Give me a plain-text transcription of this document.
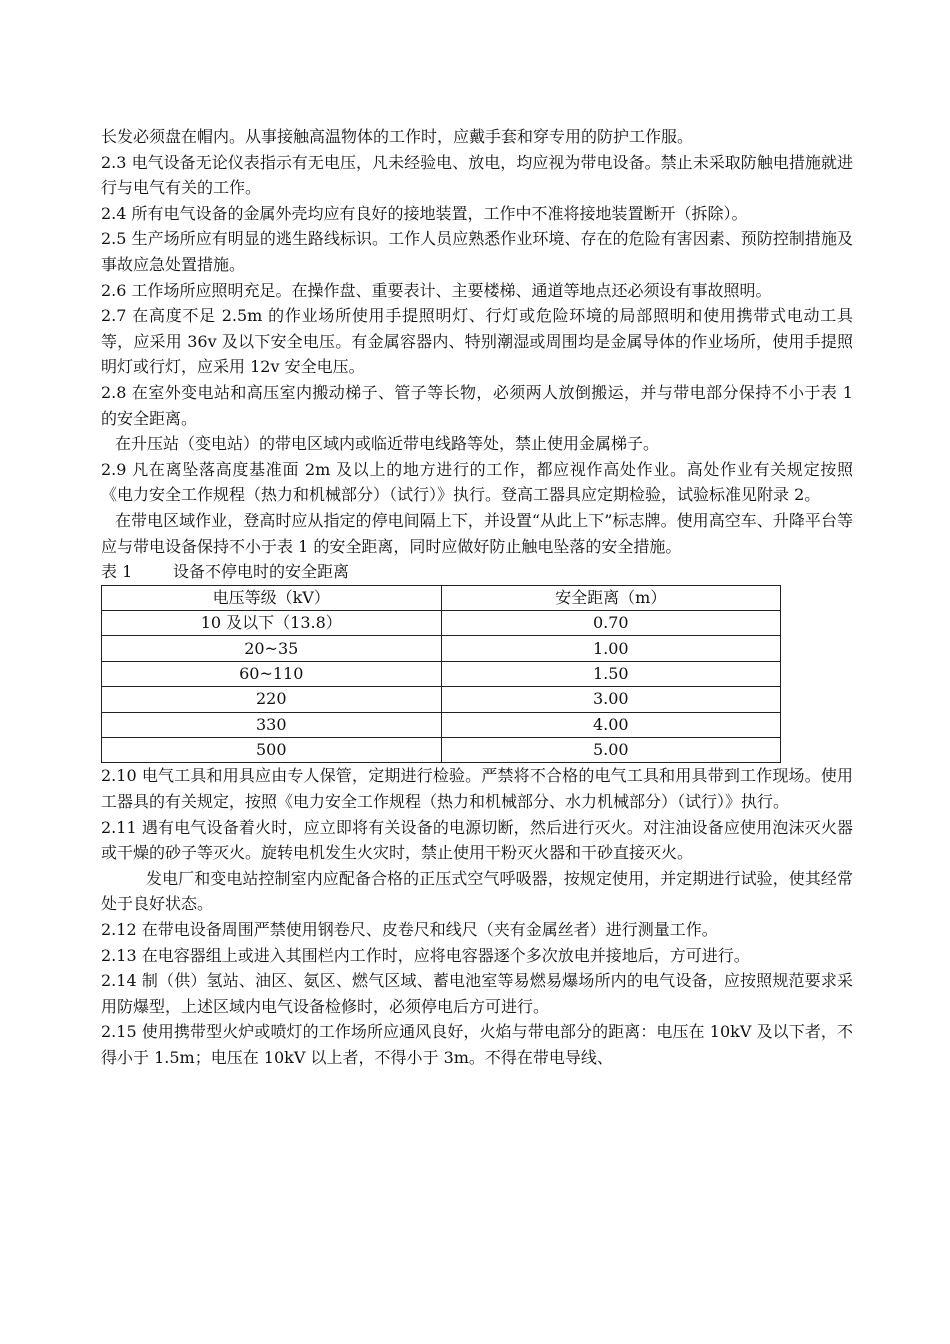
长发必须盘在帽内。从事接触高温物体的工作时，应戴手套和穿专用的防护工作服。

2.3 电气设备无论仪表指示有无电压，凡未经验电、放电，均应视为带电设备。禁止未采取防触电措施就进行与电气有关的工作。

2.4 所有电气设备的金属外壳均应有良好的接地装置，工作中不准将接地装置断开（拆除）。

2.5 生产场所应有明显的逃生路线标识。工作人员应熟悉作业环境、存在的危险有害因素、预防控制措施及事故应急处置措施。

2.6 工作场所应照明充足。在操作盘、重要表计、主要楼梯、通道等地点还必须设有事故照明。

2.7 在高度不足 2.5m 的作业场所使用手提照明灯、行灯或危险环境的局部照明和使用携带式电动工具等，应采用 36v 及以下安全电压。有金属容器内、特别潮湿或周围均是金属导体的作业场所，使用手提照明灯或行灯，应采用 12v 安全电压。

2.8 在室外变电站和高压室内搬动梯子、管子等长物，必须两人放倒搬运，并与带电部分保持不小于表 1 的安全距离。

在升压站（变电站）的带电区域内或临近带电线路等处，禁止使用金属梯子。

2.9 凡在离坠落高度基准面 2m 及以上的地方进行的工作，都应视作高处作业。高处作业有关规定按照《电力安全工作规程（热力和机械部分）（试行）》执行。登高工器具应定期检验，试验标准见附录 2。

在带电区域作业，登高时应从指定的停电间隔上下，并设置“从此上下”标志牌。使用高空车、升降平台等应与带电设备保持不小于表 1 的安全距离，同时应做好防止触电坠落的安全措施。

表 1	设备不停电时的安全距离

电压等级（kV）	安全距离（m）
10 及以下（13.8）	0.70
20~35	1.00
60~110	1.50
220	3.00
330	4.00
500	5.00

2.10 电气工具和用具应由专人保管，定期进行检验。严禁将不合格的电气工具和用具带到工作现场。使用工器具的有关规定，按照《电力安全工作规程（热力和机械部分、水力机械部分）（试行）》执行。

2.11 遇有电气设备着火时，应立即将有关设备的电源切断，然后进行灭火。对注油设备应使用泡沫灭火器或干燥的砂子等灭火。旋转电机发生火灾时，禁止使用干粉灭火器和干砂直接灭火。

发电厂和变电站控制室内应配备合格的正压式空气呼吸器，按规定使用，并定期进行试验，使其经常处于良好状态。

2.12 在带电设备周围严禁使用钢卷尺、皮卷尺和线尺（夹有金属丝者）进行测量工作。

2.13 在电容器组上或进入其围栏内工作时，应将电容器逐个多次放电并接地后，方可进行。

2.14 制（供）氢站、油区、氨区、燃气区域、蓄电池室等易燃易爆场所内的电气设备，应按照规范要求采用防爆型，上述区域内电气设备检修时，必须停电后方可进行。

2.15 使用携带型火炉或喷灯的工作场所应通风良好，火焰与带电部分的距离：电压在 10kV 及以下者，不得小于 1.5m；电压在 10kV 以上者，不得小于 3m。不得在带电导线、
